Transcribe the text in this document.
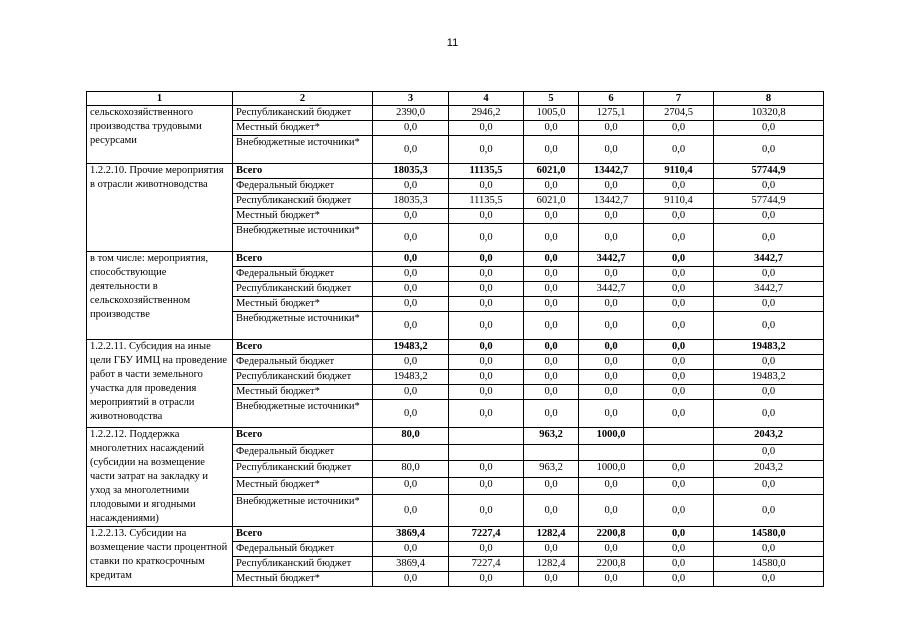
11
1	2	3	4	5	6	7	8
сельскохозяйственного производства трудовыми ресурсами	Республиканский бюджет	2390,0	2946,2	1005,0	1275,1	2704,5	10320,8
	Местный бюджет*	0,0	0,0	0,0	0,0	0,0	0,0
	Внебюджетные источники*	0,0	0,0	0,0	0,0	0,0	0,0
1.2.2.10. Прочие мероприятия в отрасли животноводства	Всего	18035,3	11135,5	6021,0	13442,7	9110,4	57744,9
	Федеральный бюджет	0,0	0,0	0,0	0,0	0,0	0,0
	Республиканский бюджет	18035,3	11135,5	6021,0	13442,7	9110,4	57744,9
	Местный бюджет*	0,0	0,0	0,0	0,0	0,0	0,0
	Внебюджетные источники*	0,0	0,0	0,0	0,0	0,0	0,0
в том числе: мероприятия, способствующие деятельности в сельскохозяйственном производстве	Всего	0,0	0,0	0,0	3442,7	0,0	3442,7
	Федеральный бюджет	0,0	0,0	0,0	0,0	0,0	0,0
	Республиканский бюджет	0,0	0,0	0,0	3442,7	0,0	3442,7
	Местный бюджет*	0,0	0,0	0,0	0,0	0,0	0,0
	Внебюджетные источники*	0,0	0,0	0,0	0,0	0,0	0,0
1.2.2.11. Субсидия на иные цели ГБУ ИМЦ на проведение работ в части земельного участка для проведения мероприятий в отрасли животноводства	Всего	19483,2	0,0	0,0	0,0	0,0	19483,2
	Федеральный бюджет	0,0	0,0	0,0	0,0	0,0	0,0
	Республиканский бюджет	19483,2	0,0	0,0	0,0	0,0	19483,2
	Местный бюджет*	0,0	0,0	0,0	0,0	0,0	0,0
	Внебюджетные источники*	0,0	0,0	0,0	0,0	0,0	0,0
1.2.2.12. Поддержка многолетних насаждений (субсидии на возмещение части затрат на закладку и уход за многолетними плодовыми и ягодными насаждениями)	Всего	80,0		963,2	1000,0		2043,2
	Федеральный бюджет						0,0
	Республиканский бюджет	80,0	0,0	963,2	1000,0	0,0	2043,2
	Местный бюджет*	0,0	0,0	0,0	0,0	0,0	0,0
	Внебюджетные источники*	0,0	0,0	0,0	0,0	0,0	0,0
1.2.2.13. Субсидии на возмещение части процентной ставки по краткосрочным кредитам	Всего	3869,4	7227,4	1282,4	2200,8	0,0	14580,0
	Федеральный бюджет	0,0	0,0	0,0	0,0	0,0	0,0
	Республиканский бюджет	3869,4	7227,4	1282,4	2200,8	0,0	14580,0
	Местный бюджет*	0,0	0,0	0,0	0,0	0,0	0,0
